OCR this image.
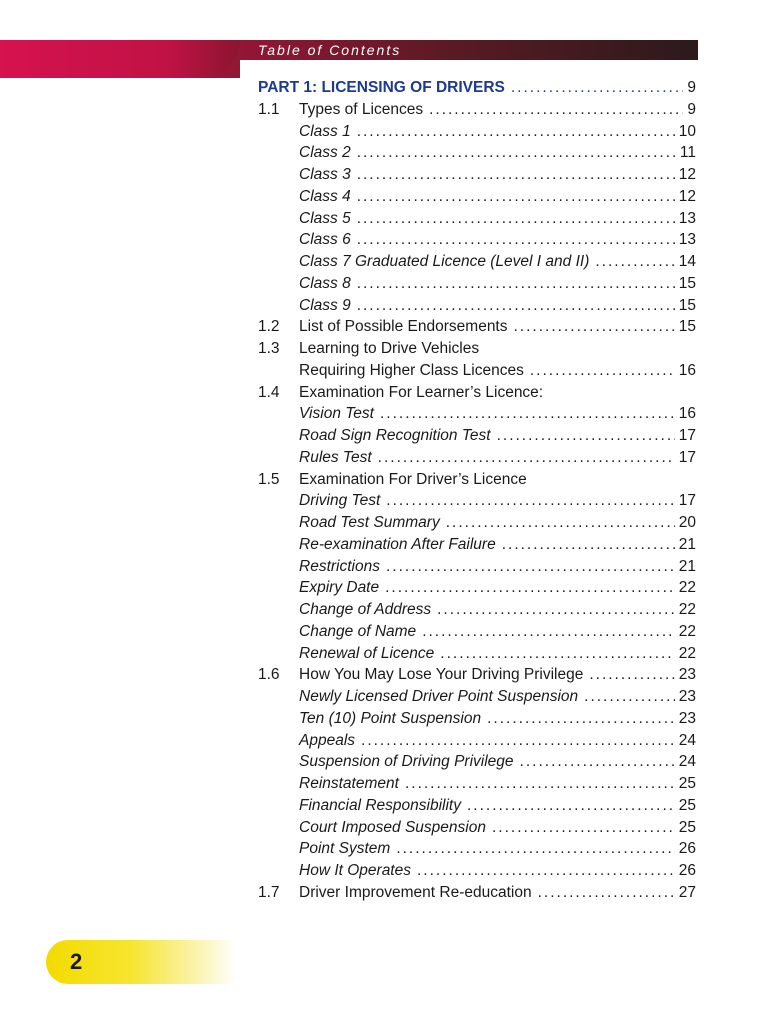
Table of Contents
PART 1: LICENSING OF DRIVERS .....	9
1.1 Types of Licences .....	9
Class 1 .....	10
Class 2 .....	11
Class 3 .....	12
Class 4 .....	12
Class 5 .....	13
Class 6 .....	13
Class 7 Graduated Licence (Level I and II) .....	14
Class 8 .....	15
Class 9 .....	15
1.2 List of Possible Endorsements .....	15
1.3 Learning to Drive Vehicles
Requiring Higher Class Licences .....	16
1.4 Examination For Learner’s Licence:
Vision Test .....	16
Road Sign Recognition Test .....	17
Rules Test .....	17
1.5 Examination For Driver’s Licence
Driving Test .....	17
Road Test Summary .....	20
Re-examination After Failure .....	21
Restrictions .....	21
Expiry Date .....	22
Change of Address .....	22
Change of Name .....	22
Renewal of Licence .....	22
1.6 How You May Lose Your Driving Privilege .....	23
Newly Licensed Driver Point Suspension .....	23
Ten (10) Point Suspension .....	23
Appeals .....	24
Suspension of Driving Privilege .....	24
Reinstatement .....	25
Financial Responsibility .....	25
Court Imposed Suspension .....	25
Point System .....	26
How It Operates .....	26
1.7 Driver Improvement Re-education .....	27
2
